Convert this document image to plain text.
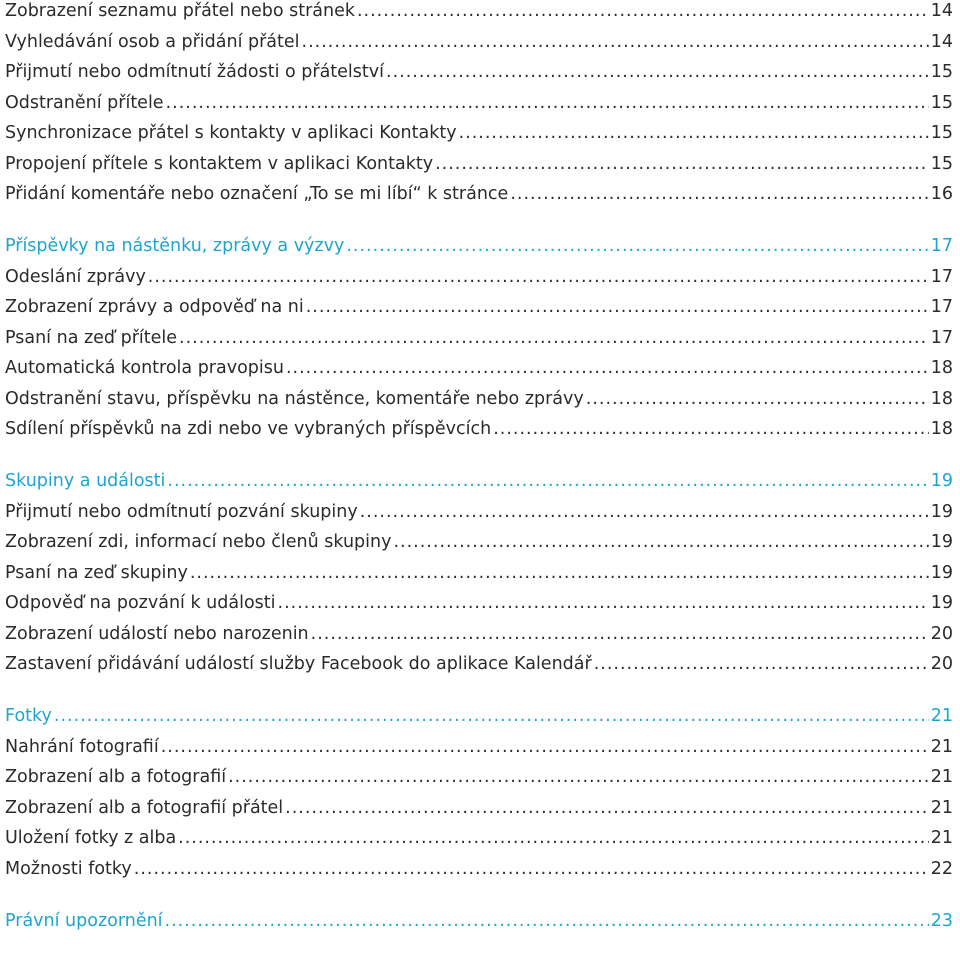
Zobrazení seznamu přátel nebo stránek .....	14
Vyhledávání osob a přidání přátel .....	14
Přijmutí nebo odmítnutí žádosti o přátelství .....	15
Odstranění přítele .....	15
Synchronizace přátel s kontakty v aplikaci Kontakty .....	15
Propojení přítele s kontaktem v aplikaci Kontakty .....	15
Přidání komentáře nebo označení „To se mi líbí“ k stránce .....	16
Příspěvky na nástěnku, zprávy a výzvy .....	17
Odeslání zprávy .....	17
Zobrazení zprávy a odpověď na ni .....	17
Psaní na zeď přítele .....	17
Automatická kontrola pravopisu .....	18
Odstranění stavu, příspěvku na nástěnce, komentáře nebo zprávy .....	18
Sdílení příspěvků na zdi nebo ve vybraných příspěvcích .....	18
Skupiny a události .....	19
Přijmutí nebo odmítnutí pozvání skupiny .....	19
Zobrazení zdi, informací nebo členů skupiny .....	19
Psaní na zeď skupiny .....	19
Odpověď na pozvání k události .....	19
Zobrazení událostí nebo narozenin .....	20
Zastavení přidávání událostí služby Facebook do aplikace Kalendář .....	20
Fotky .....	21
Nahrání fotografií .....	21
Zobrazení alb a fotografií .....	21
Zobrazení alb a fotografií přátel .....	21
Uložení fotky z alba .....	21
Možnosti fotky .....	22
Právní upozornění .....	23
